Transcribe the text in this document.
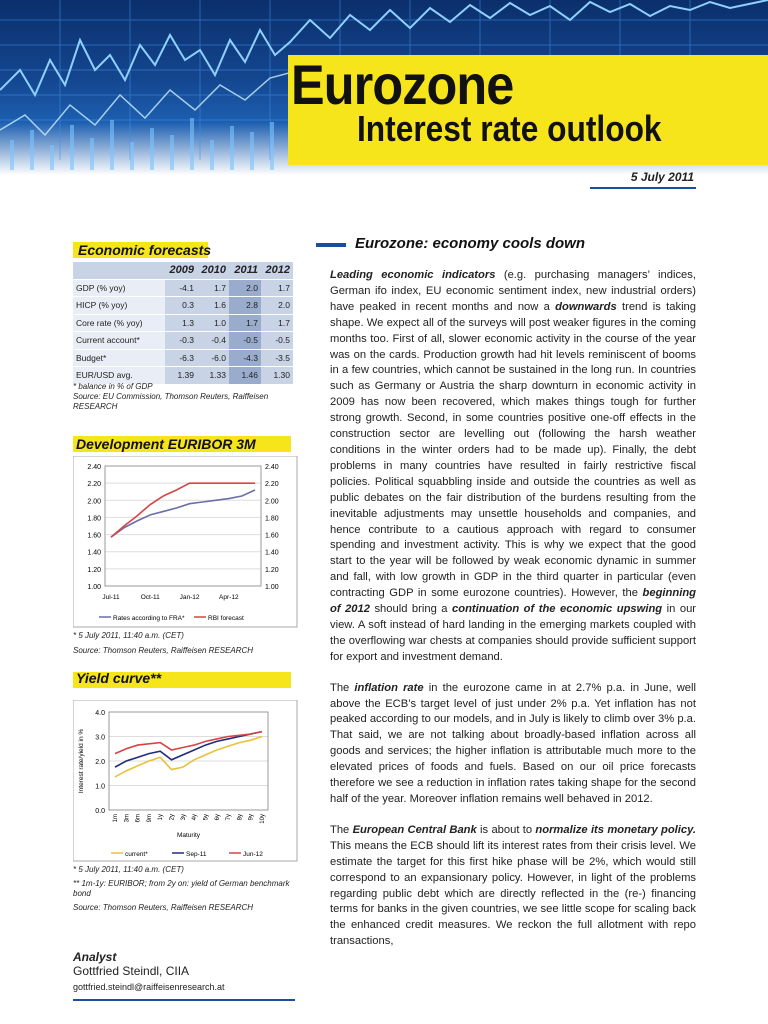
Eurozone
Interest rate outlook
5 July 2011
Economic forecasts
	2009	2010	2011	2012
GDP (% yoy)	-4.1	1.7	2.0	1.7
HICP (% yoy)	0.3	1.6	2.8	2.0
Core rate (% yoy)	1.3	1.0	1.7	1.7
Current account*	-0.3	-0.4	-0.5	-0.5
Budget*	-6.3	-6.0	-4.3	-3.5
EUR/USD avg.	1.39	1.33	1.46	1.30
* balance in % of GDP
Source: EU Commission, Thomson Reuters, Raiffeisen RESEARCH
Development EURIBOR 3M
1.00	1.00
1.20	1.20
1.40	1.40
1.60	1.60
1.80	1.80
2.00	2.00
2.20	2.20
2.40	2.40
Jul-11	Oct-11	Jan-12	Apr-12
Rates according to FRA*	RBI forecast
* 5 July 2011, 11:40 a.m. (CET)
Source: Thomson Reuters, Raiffeisen RESEARCH
Yield curve**
0.0
1.0
2.0
3.0
4.0
1m 3m 6m 9m 1y 2y 3y 4y 5y 6y 7y 8y 9y 10y
Interest rate/yield in %
Maturity
current*	Sep-11	Jun-12
* 5 July 2011, 11:40 a.m. (CET)
** 1m-1y: EURIBOR; from 2y on: yield of German benchmark bond
Source: Thomson Reuters, Raiffeisen RESEARCH
Analyst
Gottfried Steindl, CIIA
gottfried.steindl@raiffeisenresearch.at
Eurozone: economy cools down

Leading economic indicators (e.g. purchasing managers’ indices, German ifo index, EU economic sentiment index, new industrial orders) have peaked in recent months and now a downwards trend is taking shape. We expect all of the surveys will post weaker figures in the coming months too. First of all, slower economic activity in the course of the year was on the cards. Production growth had hit levels reminiscent of booms in a few countries, which cannot be sustained in the long run. In countries such as Germany or Austria the sharp downturn in economic activity in 2009 has now been recovered, which makes things tough for further strong growth. Second, in some countries positive one-off effects in the construction sector are levelling out (following the harsh weather conditions in the winter orders had to be made up). Finally, the debt problems in many countries have resulted in fairly restrictive fiscal policies. Political squabbling inside and outside the countries as well as public debates on the fair distribution of the burdens resulting from the inevitable adjustments may unsettle households and companies, and hence contribute to a cautious approach with regard to consumer spending and investment activity. This is why we expect that the good start to the year will be followed by weak economic dynamic in summer and fall, with low growth in GDP in the third quarter in particular (even contracting GDP in some eurozone countries). However, the beginning of 2012 should bring a continuation of the economic upswing in our view. A soft instead of hard landing in the emerging markets coupled with the overflowing war chests at companies should provide sufficient support for export and investment demand.

The inflation rate in the eurozone came in at 2.7% p.a. in June, well above the ECB’s target level of just under 2% p.a. Yet inflation has not peaked according to our models, and in July is likely to climb over 3% p.a. That said, we are not talking about broadly-based inflation across all goods and services; the higher inflation is attributable much more to the elevated prices of foods and fuels. Based on our oil price forecasts therefore we see a reduction in inflation rates taking shape for the second half of the year. Moreover inflation remains well behaved in 2012.

The European Central Bank is about to normalize its monetary policy. This means the ECB should lift its interest rates from their crisis level. We estimate the target for this first hike phase will be 2%, which would still correspond to an expansionary policy. However, in light of the problems regarding public debt which are directly reflected in the (re-) financing terms for banks in the given countries, we see little scope for scaling back the enhanced credit measures. We reckon the full allotment with repo transactions,
